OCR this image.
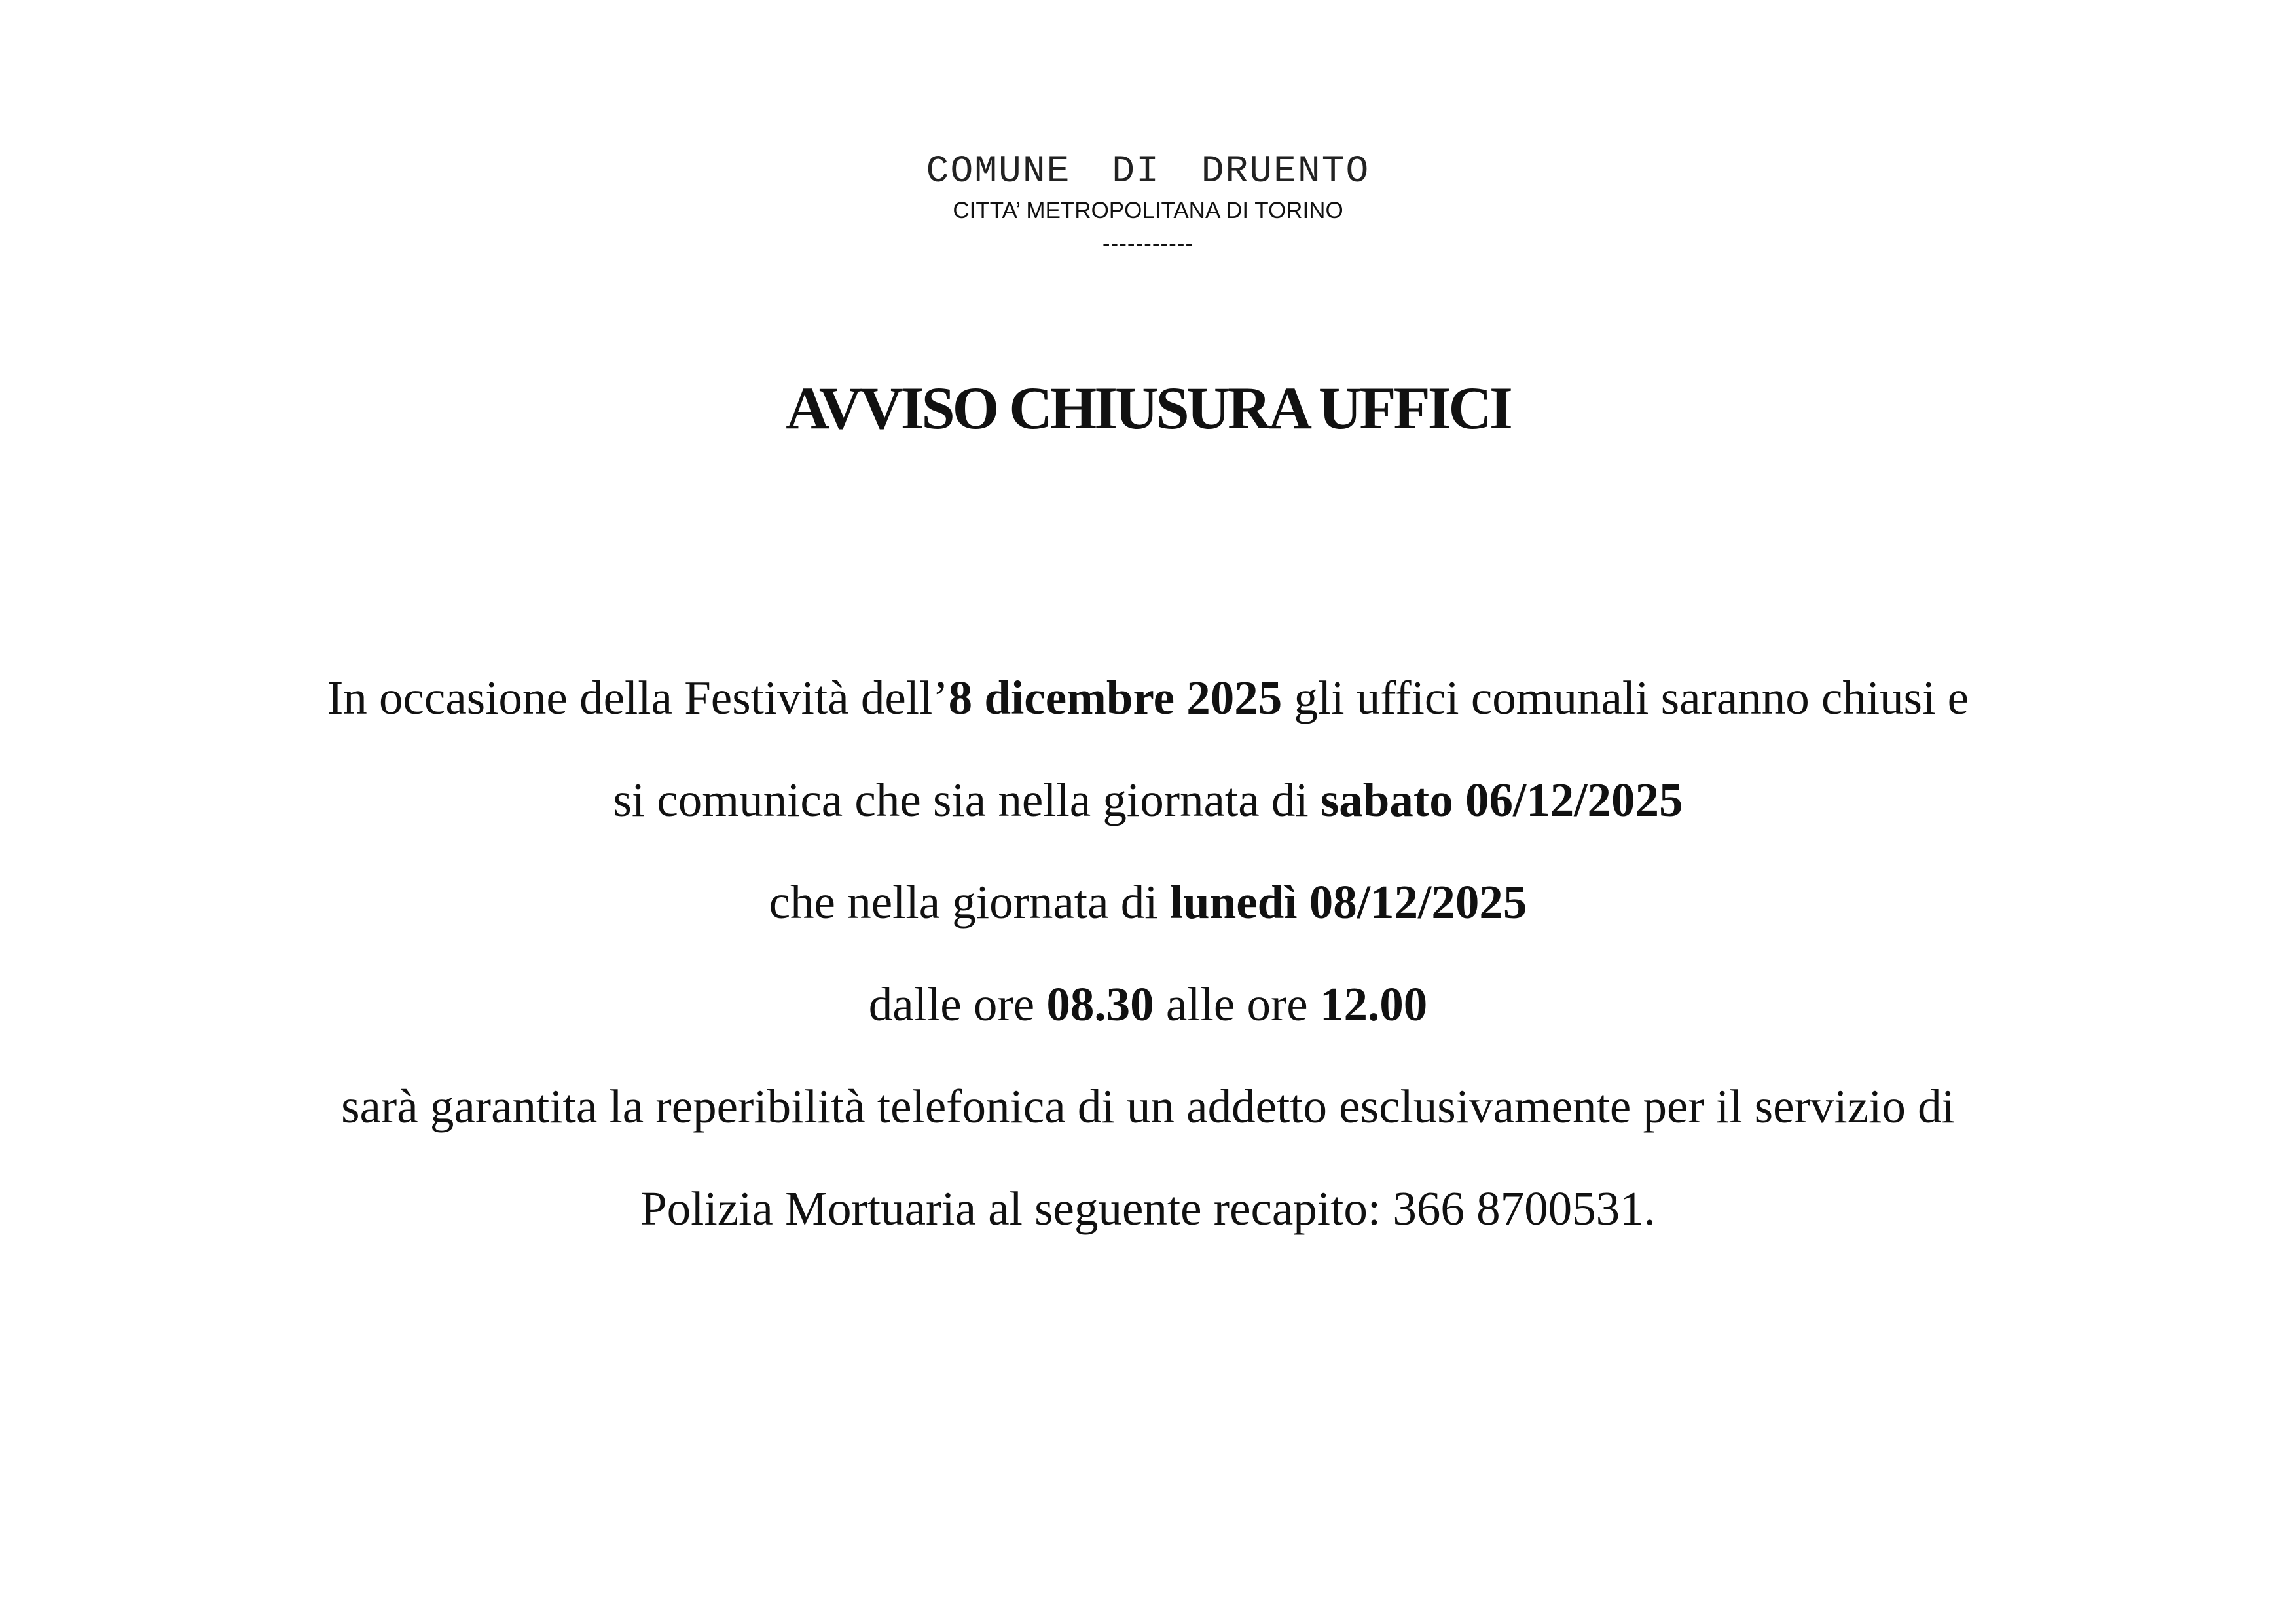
COMUNE DI DRUENTO
CITTA’ METROPOLITANA DI TORINO
-----------
AVVISO CHIUSURA UFFICI
In occasione della Festività dell’8 dicembre 2025 gli uffici comunali saranno chiusi e
si comunica che sia nella giornata di sabato 06/12/2025
che nella giornata di lunedì 08/12/2025
dalle ore 08.30 alle ore 12.00
sarà garantita la reperibilità telefonica di un addetto esclusivamente per il servizio di
Polizia Mortuaria al seguente recapito: 366 8700531.
